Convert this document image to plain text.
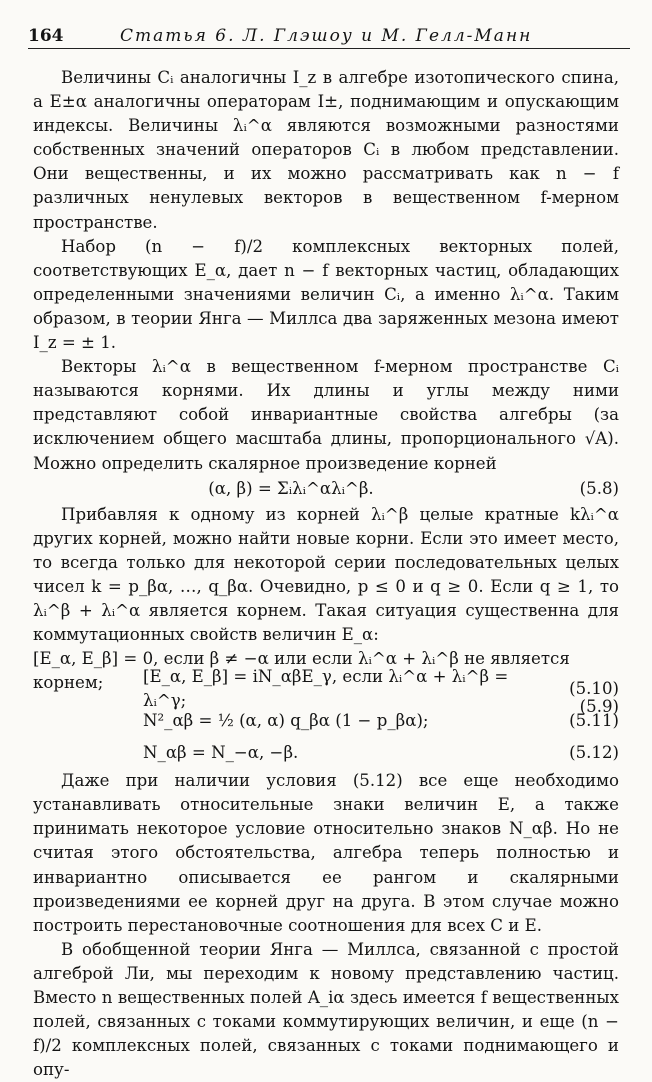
164	Статья 6. Л. Глэшоу и М. Гелл-Манн

Величины Cᵢ аналогичны I_z в алгебре изотопического спина, а E±α аналогичны операторам I±, поднимающим и опускающим индексы. Величины λᵢ^α являются возможными разностями собственных значений операторов Cᵢ в любом представлении. Они вещественны, и их можно рассматривать как n − f различных ненулевых векторов в вещественном f-мерном пространстве.

Набор (n − f)/2 комплексных векторных полей, соответствующих E_α, дает n − f векторных частиц, обладающих определенными значениями величин Cᵢ, а именно λᵢ^α. Таким образом, в теории Янга — Миллса два заряженных мезона имеют I_z = ± 1.

Векторы λᵢ^α в вещественном f-мерном пространстве Cᵢ называются корнями. Их длины и углы между ними представляют собой инвариантные свойства алгебры (за исключением общего масштаба длины, пропорционального √A). Можно определить скалярное произведение корней

(α, β) = Σᵢλᵢ^αλᵢ^β.	(5.8)

Прибавляя к одному из корней λᵢ^β целые кратные kλᵢ^α других корней, можно найти новые корни. Если это имеет место, то всегда только для некоторой серии последовательных целых чисел k = p_βα, …, q_βα. Очевидно, p ≤ 0 и q ≥ 0. Если q ≥ 1, то λᵢ^β + λᵢ^α является корнем. Такая ситуация существенна для коммутационных свойств величин E_α:

[E_α, E_β] = 0, если β ≠ −α или если λᵢ^α + λᵢ^β не является корнем;
(5.9)
[E_α, E_β] = iN_αβE_γ, если λᵢ^α + λᵢ^β = λᵢ^γ;
(5.10)
N²_αβ = ½ (α, α) q_βα (1 − p_βα);	(5.11)
N_αβ = N_−α, −β.	(5.12)

Даже при наличии условия (5.12) все еще необходимо устанавливать относительные знаки величин E, а также принимать некоторое условие относительно знаков N_αβ. Но не считая этого обстоятельства, алгебра теперь полностью и инвариантно описывается ее рангом и скалярными произведениями ее корней друг на друга. В этом случае можно построить перестановочные соотношения для всех C и E.

В обобщенной теории Янга — Миллса, связанной с простой алгеброй Ли, мы переходим к новому представлению частиц. Вместо n вещественных полей A_iα здесь имеется f вещественных полей, связанных с токами коммутирующих величин, и еще (n − f)/2 комплексных полей, связанных с токами поднимающего и опу-
